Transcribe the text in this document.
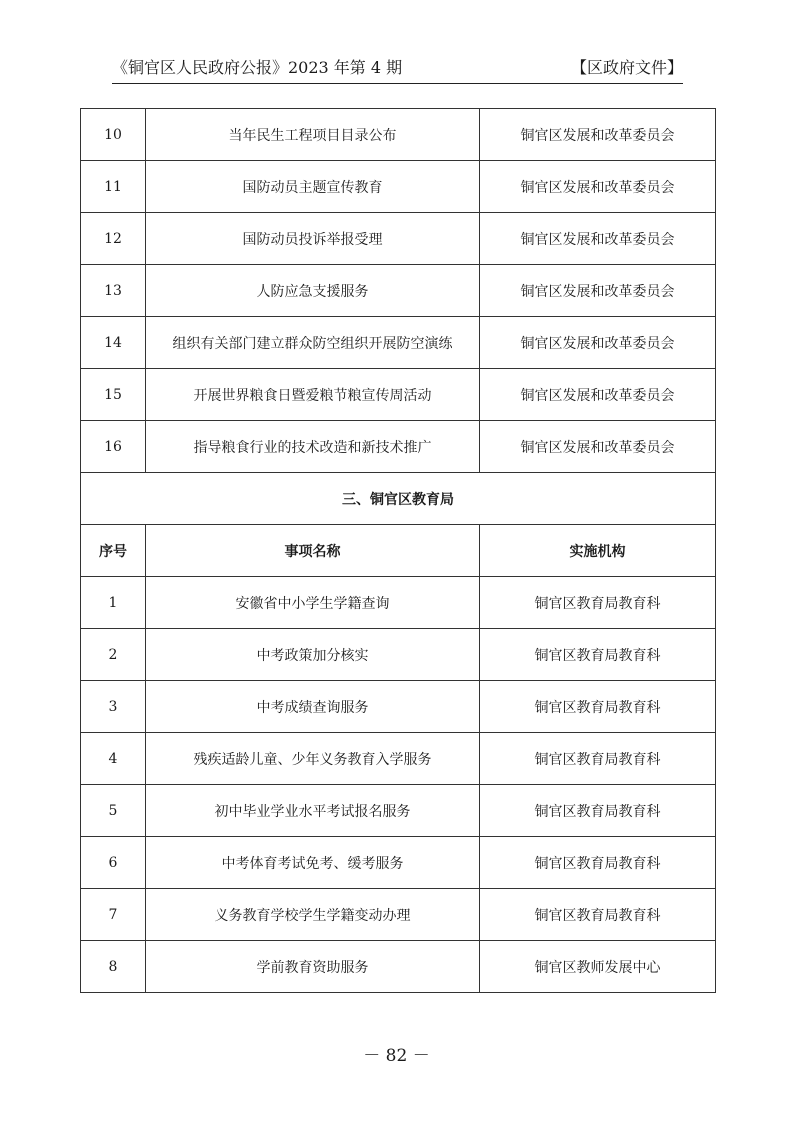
《铜官区人民政府公报》2023 年第 4 期	【区政府文件】
10	当年民生工程项目目录公布	铜官区发展和改革委员会
11	国防动员主题宣传教育	铜官区发展和改革委员会
12	国防动员投诉举报受理	铜官区发展和改革委员会
13	人防应急支援服务	铜官区发展和改革委员会
14	组织有关部门建立群众防空组织开展防空演练	铜官区发展和改革委员会
15	开展世界粮食日暨爱粮节粮宣传周活动	铜官区发展和改革委员会
16	指导粮食行业的技术改造和新技术推广	铜官区发展和改革委员会
三、铜官区教育局		
序号	事项名称	实施机构
1	安徽省中小学生学籍查询	铜官区教育局教育科
2	中考政策加分核实	铜官区教育局教育科
3	中考成绩查询服务	铜官区教育局教育科
4	残疾适龄儿童、少年义务教育入学服务	铜官区教育局教育科
5	初中毕业学业水平考试报名服务	铜官区教育局教育科
6	中考体育考试免考、缓考服务	铜官区教育局教育科
7	义务教育学校学生学籍变动办理	铜官区教育局教育科
8	学前教育资助服务	铜官区教师发展中心
－ 82 －
